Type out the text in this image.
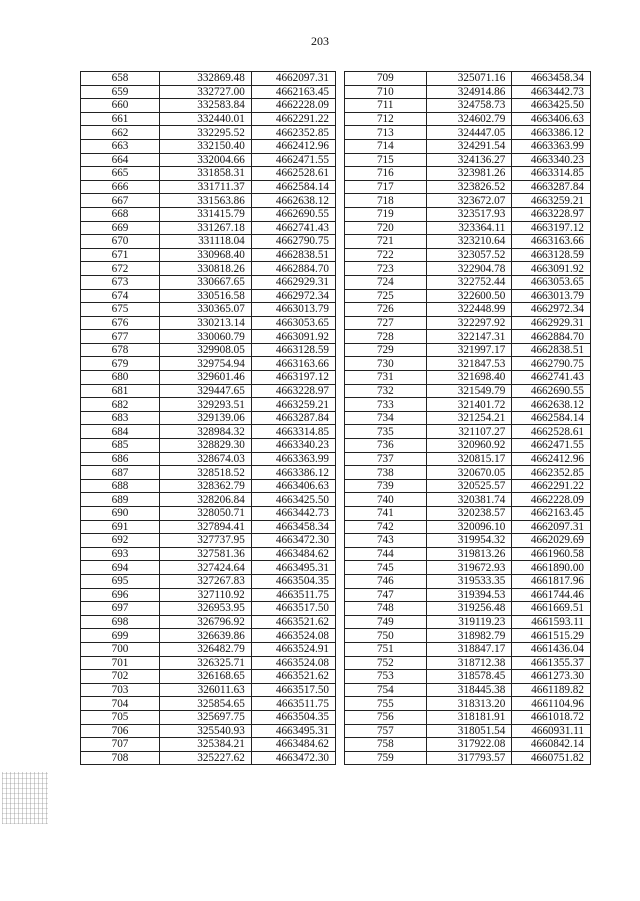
203
658	332869.48	4662097.31
659	332727.00	4662163.45
660	332583.84	4662228.09
661	332440.01	4662291.22
662	332295.52	4662352.85
663	332150.40	4662412.96
664	332004.66	4662471.55
665	331858.31	4662528.61
666	331711.37	4662584.14
667	331563.86	4662638.12
668	331415.79	4662690.55
669	331267.18	4662741.43
670	331118.04	4662790.75
671	330968.40	4662838.51
672	330818.26	4662884.70
673	330667.65	4662929.31
674	330516.58	4662972.34
675	330365.07	4663013.79
676	330213.14	4663053.65
677	330060.79	4663091.92
678	329908.05	4663128.59
679	329754.94	4663163.66
680	329601.46	4663197.12
681	329447.65	4663228.97
682	329293.51	4663259.21
683	329139.06	4663287.84
684	328984.32	4663314.85
685	328829.30	4663340.23
686	328674.03	4663363.99
687	328518.52	4663386.12
688	328362.79	4663406.63
689	328206.84	4663425.50
690	328050.71	4663442.73
691	327894.41	4663458.34
692	327737.95	4663472.30
693	327581.36	4663484.62
694	327424.64	4663495.31
695	327267.83	4663504.35
696	327110.92	4663511.75
697	326953.95	4663517.50
698	326796.92	4663521.62
699	326639.86	4663524.08
700	326482.79	4663524.91
701	326325.71	4663524.08
702	326168.65	4663521.62
703	326011.63	4663517.50
704	325854.65	4663511.75
705	325697.75	4663504.35
706	325540.93	4663495.31
707	325384.21	4663484.62
708	325227.62	4663472.30
709	325071.16	4663458.34
710	324914.86	4663442.73
711	324758.73	4663425.50
712	324602.79	4663406.63
713	324447.05	4663386.12
714	324291.54	4663363.99
715	324136.27	4663340.23
716	323981.26	4663314.85
717	323826.52	4663287.84
718	323672.07	4663259.21
719	323517.93	4663228.97
720	323364.11	4663197.12
721	323210.64	4663163.66
722	323057.52	4663128.59
723	322904.78	4663091.92
724	322752.44	4663053.65
725	322600.50	4663013.79
726	322448.99	4662972.34
727	322297.92	4662929.31
728	322147.31	4662884.70
729	321997.17	4662838.51
730	321847.53	4662790.75
731	321698.40	4662741.43
732	321549.79	4662690.55
733	321401.72	4662638.12
734	321254.21	4662584.14
735	321107.27	4662528.61
736	320960.92	4662471.55
737	320815.17	4662412.96
738	320670.05	4662352.85
739	320525.57	4662291.22
740	320381.74	4662228.09
741	320238.57	4662163.45
742	320096.10	4662097.31
743	319954.32	4662029.69
744	319813.26	4661960.58
745	319672.93	4661890.00
746	319533.35	4661817.96
747	319394.53	4661744.46
748	319256.48	4661669.51
749	319119.23	4661593.11
750	318982.79	4661515.29
751	318847.17	4661436.04
752	318712.38	4661355.37
753	318578.45	4661273.30
754	318445.38	4661189.82
755	318313.20	4661104.96
756	318181.91	4661018.72
757	318051.54	4660931.11
758	317922.08	4660842.14
759	317793.57	4660751.82
